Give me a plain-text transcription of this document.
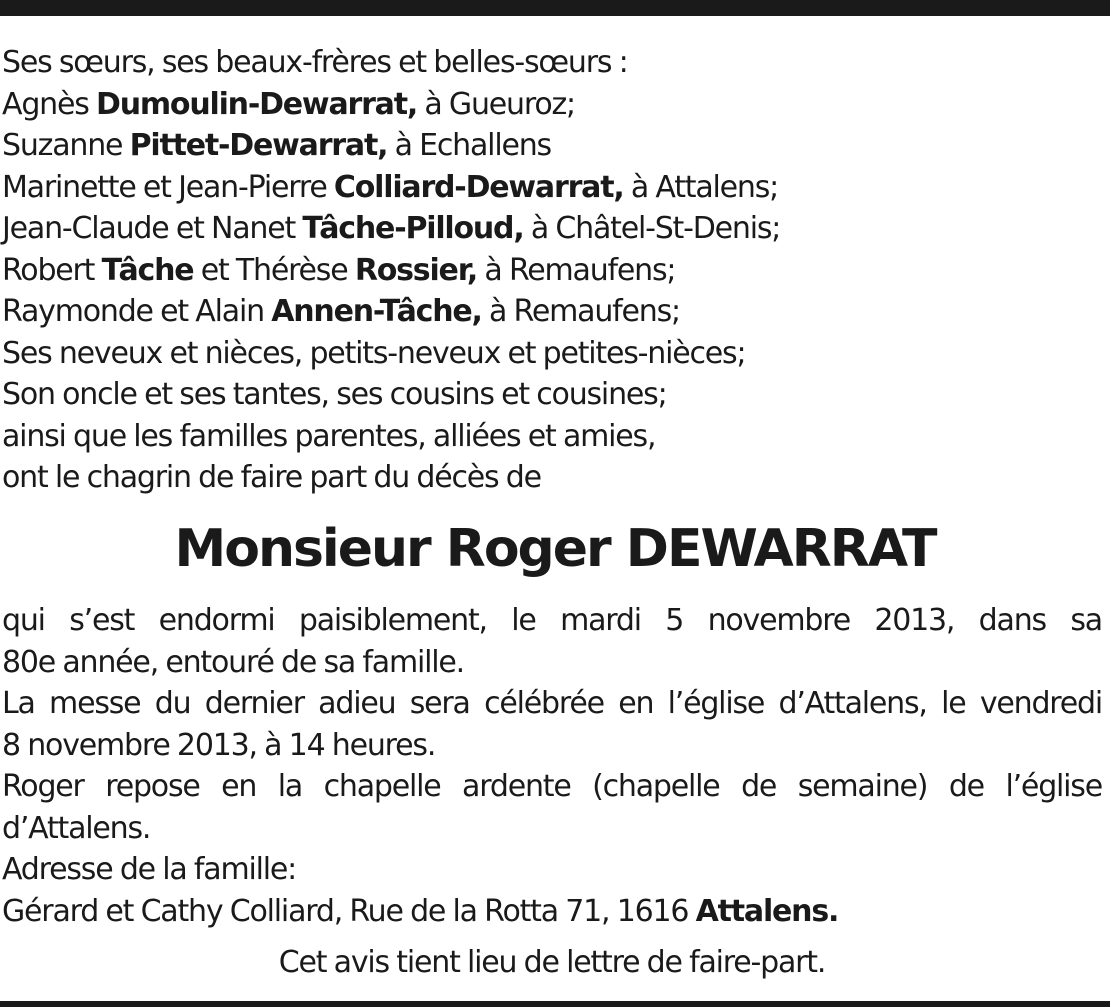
Ses sœurs, ses beaux-frères et belles-sœurs :
Agnès Dumoulin-Dewarrat, à Gueuroz;
Suzanne Pittet-Dewarrat, à Echallens
Marinette et Jean-Pierre Colliard-Dewarrat, à Attalens;
Jean-Claude et Nanet Tâche-Pilloud, à Châtel-St-Denis;
Robert Tâche et Thérèse Rossier, à Remaufens;
Raymonde et Alain Annen-Tâche, à Remaufens;
Ses neveux et nièces, petits-neveux et petites-nièces;
Son oncle et ses tantes, ses cousins et cousines;
ainsi que les familles parentes, alliées et amies,
ont le chagrin de faire part du décès de
Monsieur Roger DEWARRAT

qui s’est endormi paisiblement, le mardi 5 novembre 2013, dans sa
80e année, entouré de sa famille.

La messe du dernier adieu sera célébrée en l’église d’Attalens, le vendredi
8 novembre 2013, à 14 heures.

Roger repose en la chapelle ardente (chapelle de semaine) de l’église
d’Attalens.

Adresse de la famille:

Gérard et Cathy Colliard, Rue de la Rotta 71, 1616 Attalens.

Cet avis tient lieu de lettre de faire-part.
